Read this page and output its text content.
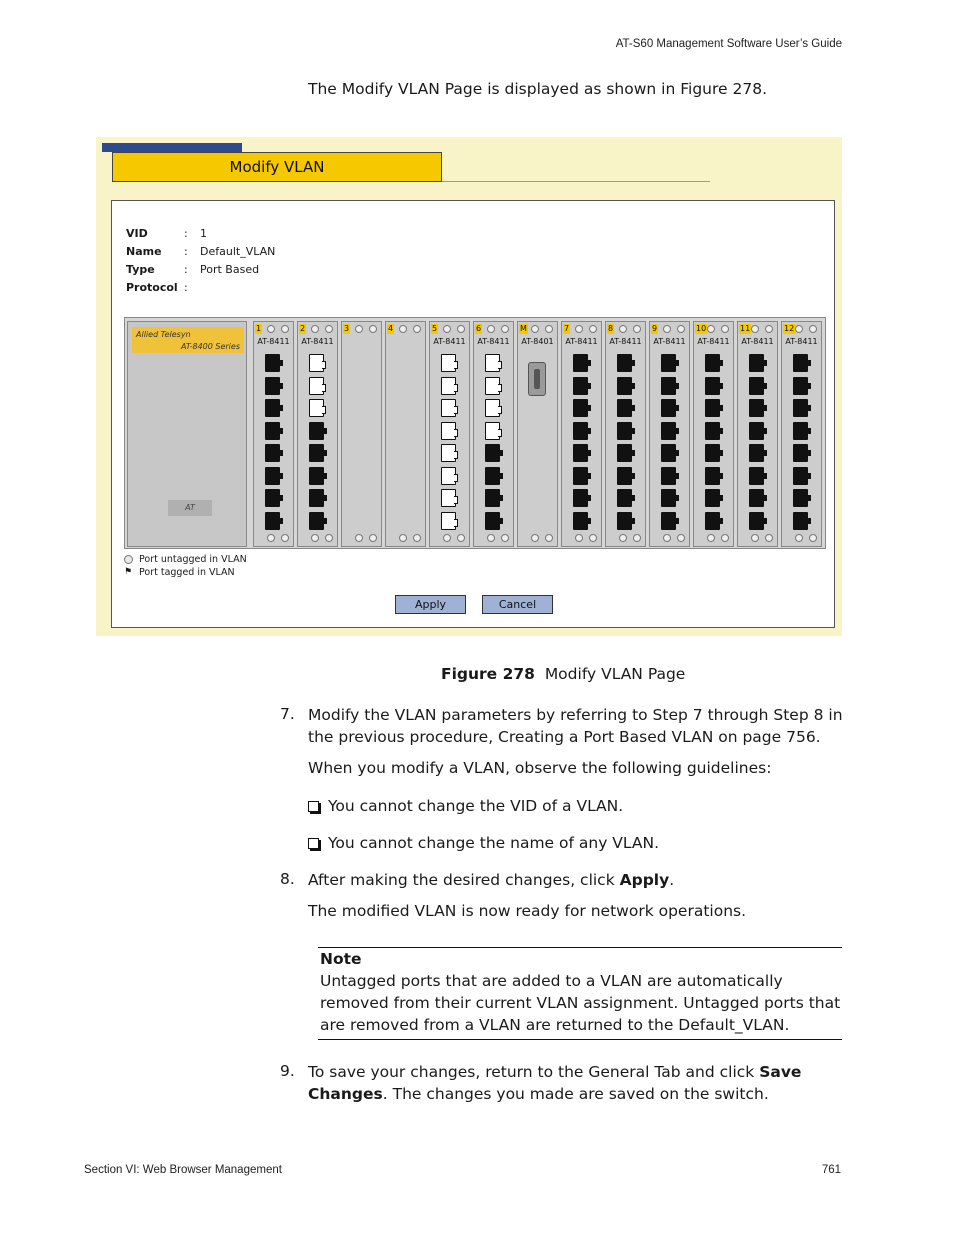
AT-S60 Management Software User’s Guide
The Modify VLAN Page is displayed as shown in Figure 278.
Modify VLAN
VID	:	1
Name	:	Default_VLAN
Type	:	Port Based
Protocol :
Allied Telesyn
AT-8400 Series
AT
1
AT-8411
2
AT-8411
3	4	5
AT-8411
6
AT-8411
M
AT-8401
7
AT-8411
8
AT-8411
9
AT-8411
10
AT-8411
11
AT-8411
12
AT-8411
Port untagged in VLAN
⚑ Port tagged in VLAN
Apply	Cancel
Figure 278 Modify VLAN Page
7. Modify the VLAN parameters by referring to Step 7 through Step 8 in
the previous procedure, Creating a Port Based VLAN on page 756.
When you modify a VLAN, observe the following guidelines:
You cannot change the VID of a VLAN.
You cannot change the name of any VLAN.
8. After making the desired changes, click Apply.
The modified VLAN is now ready for network operations.
Note
Untagged ports that are added to a VLAN are automatically
removed from their current VLAN assignment. Untagged ports that
are removed from a VLAN are returned to the Default_VLAN.
9. To save your changes, return to the General Tab and click Save
Changes. The changes you made are saved on the switch.
Section VI: Web Browser Management	761
